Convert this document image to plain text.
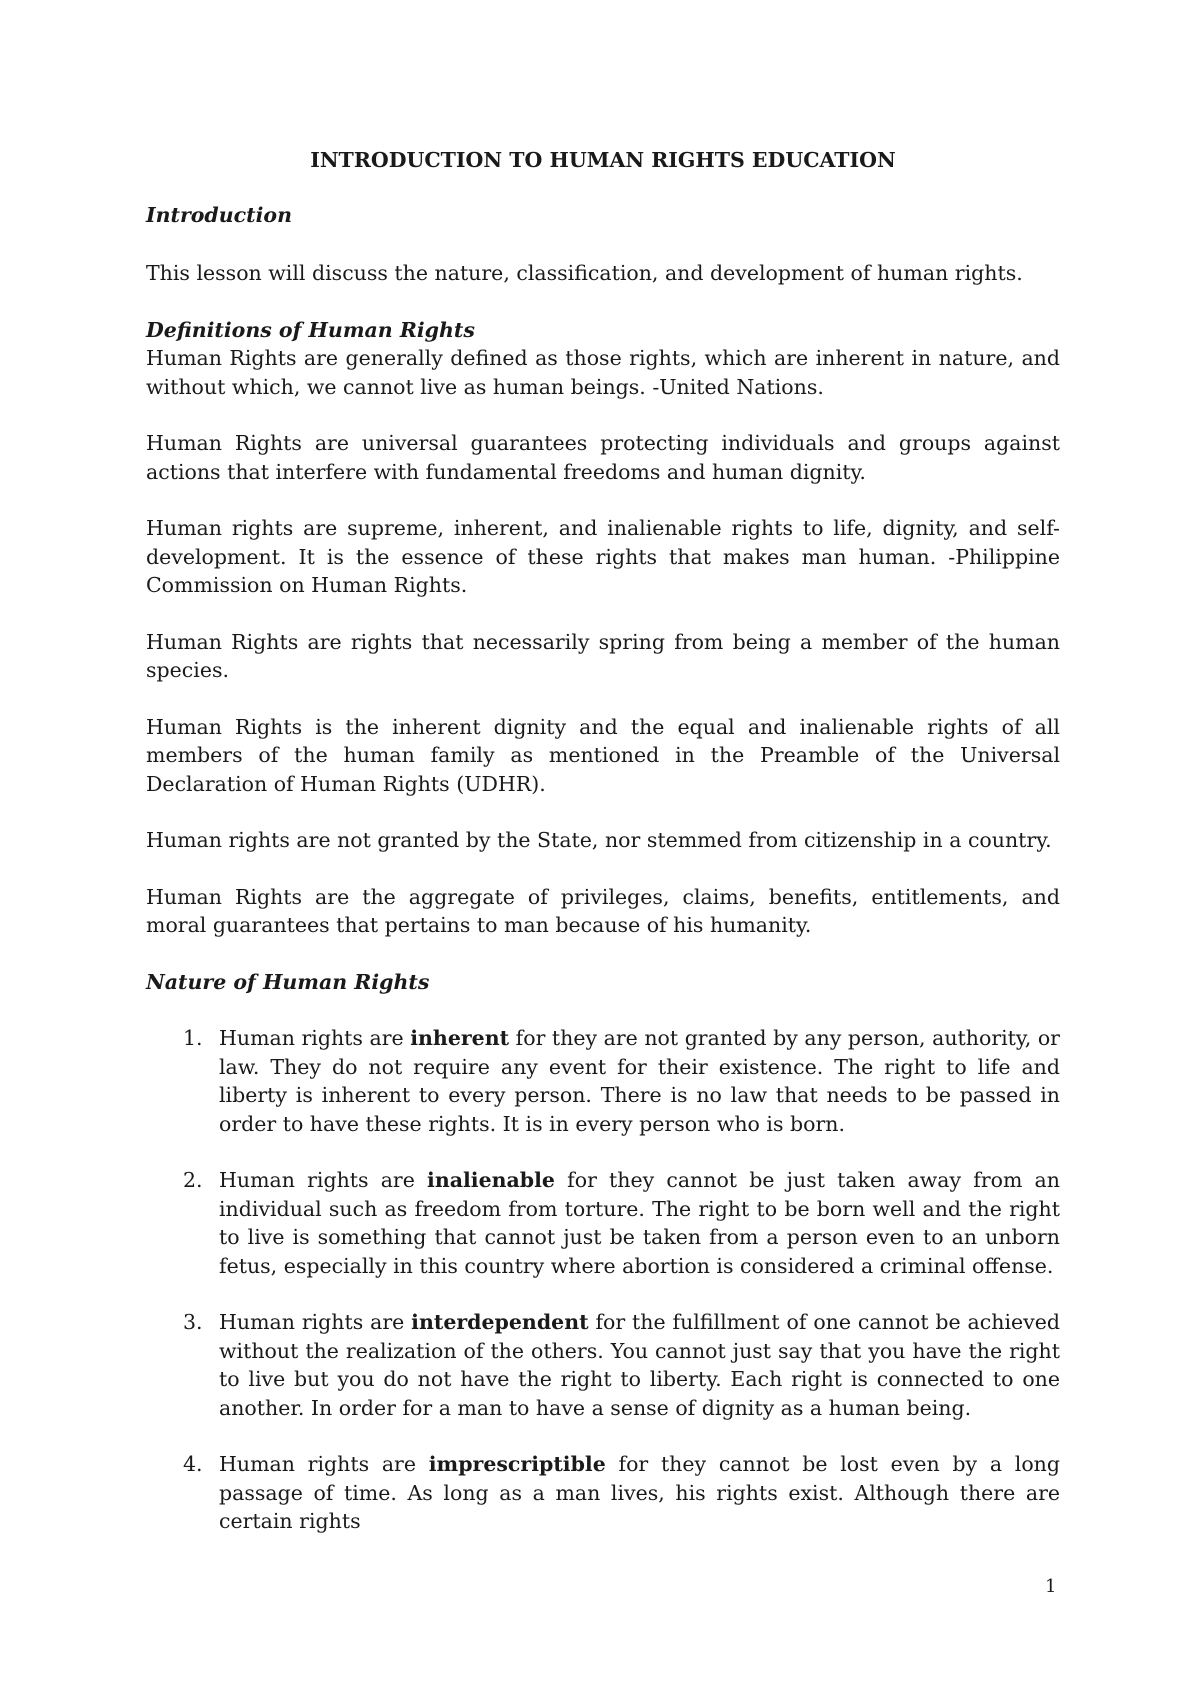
INTRODUCTION TO HUMAN RIGHTS EDUCATION
Introduction

This lesson will discuss the nature, classification, and development of human rights.

Definitions of Human Rights

Human Rights are generally defined as those rights, which are inherent in nature, and without which, we cannot live as human beings. -United Nations.

Human Rights are universal guarantees protecting individuals and groups against actions that interfere with fundamental freedoms and human dignity.

Human rights are supreme, inherent, and inalienable rights to life, dignity, and self-development. It is the essence of these rights that makes man human. -Philippine Commission on Human Rights.

Human Rights are rights that necessarily spring from being a member of the human species.

Human Rights is the inherent dignity and the equal and inalienable rights of all members of the human family as mentioned in the Preamble of the Universal Declaration of Human Rights (UDHR).

Human rights are not granted by the State, nor stemmed from citizenship in a country.

Human Rights are the aggregate of privileges, claims, benefits, entitlements, and moral guarantees that pertains to man because of his humanity.

Nature of Human Rights
1. Human rights are inherent for they are not granted by any person, authority, or law. They do not require any event for their existence. The right to life and liberty is inherent to every person. There is no law that needs to be passed in order to have these rights. It is in every person who is born.
2. Human rights are inalienable for they cannot be just taken away from an individual such as freedom from torture. The right to be born well and the right to live is something that cannot just be taken from a person even to an unborn fetus, especially in this country where abortion is considered a criminal offense.
3. Human rights are interdependent for the fulfillment of one cannot be achieved without the realization of the others. You cannot just say that you have the right to live but you do not have the right to liberty. Each right is connected to one another. In order for a man to have a sense of dignity as a human being.
4. Human rights are imprescriptible for they cannot be lost even by a long passage of time. As long as a man lives, his rights exist. Although there are certain rights
1
